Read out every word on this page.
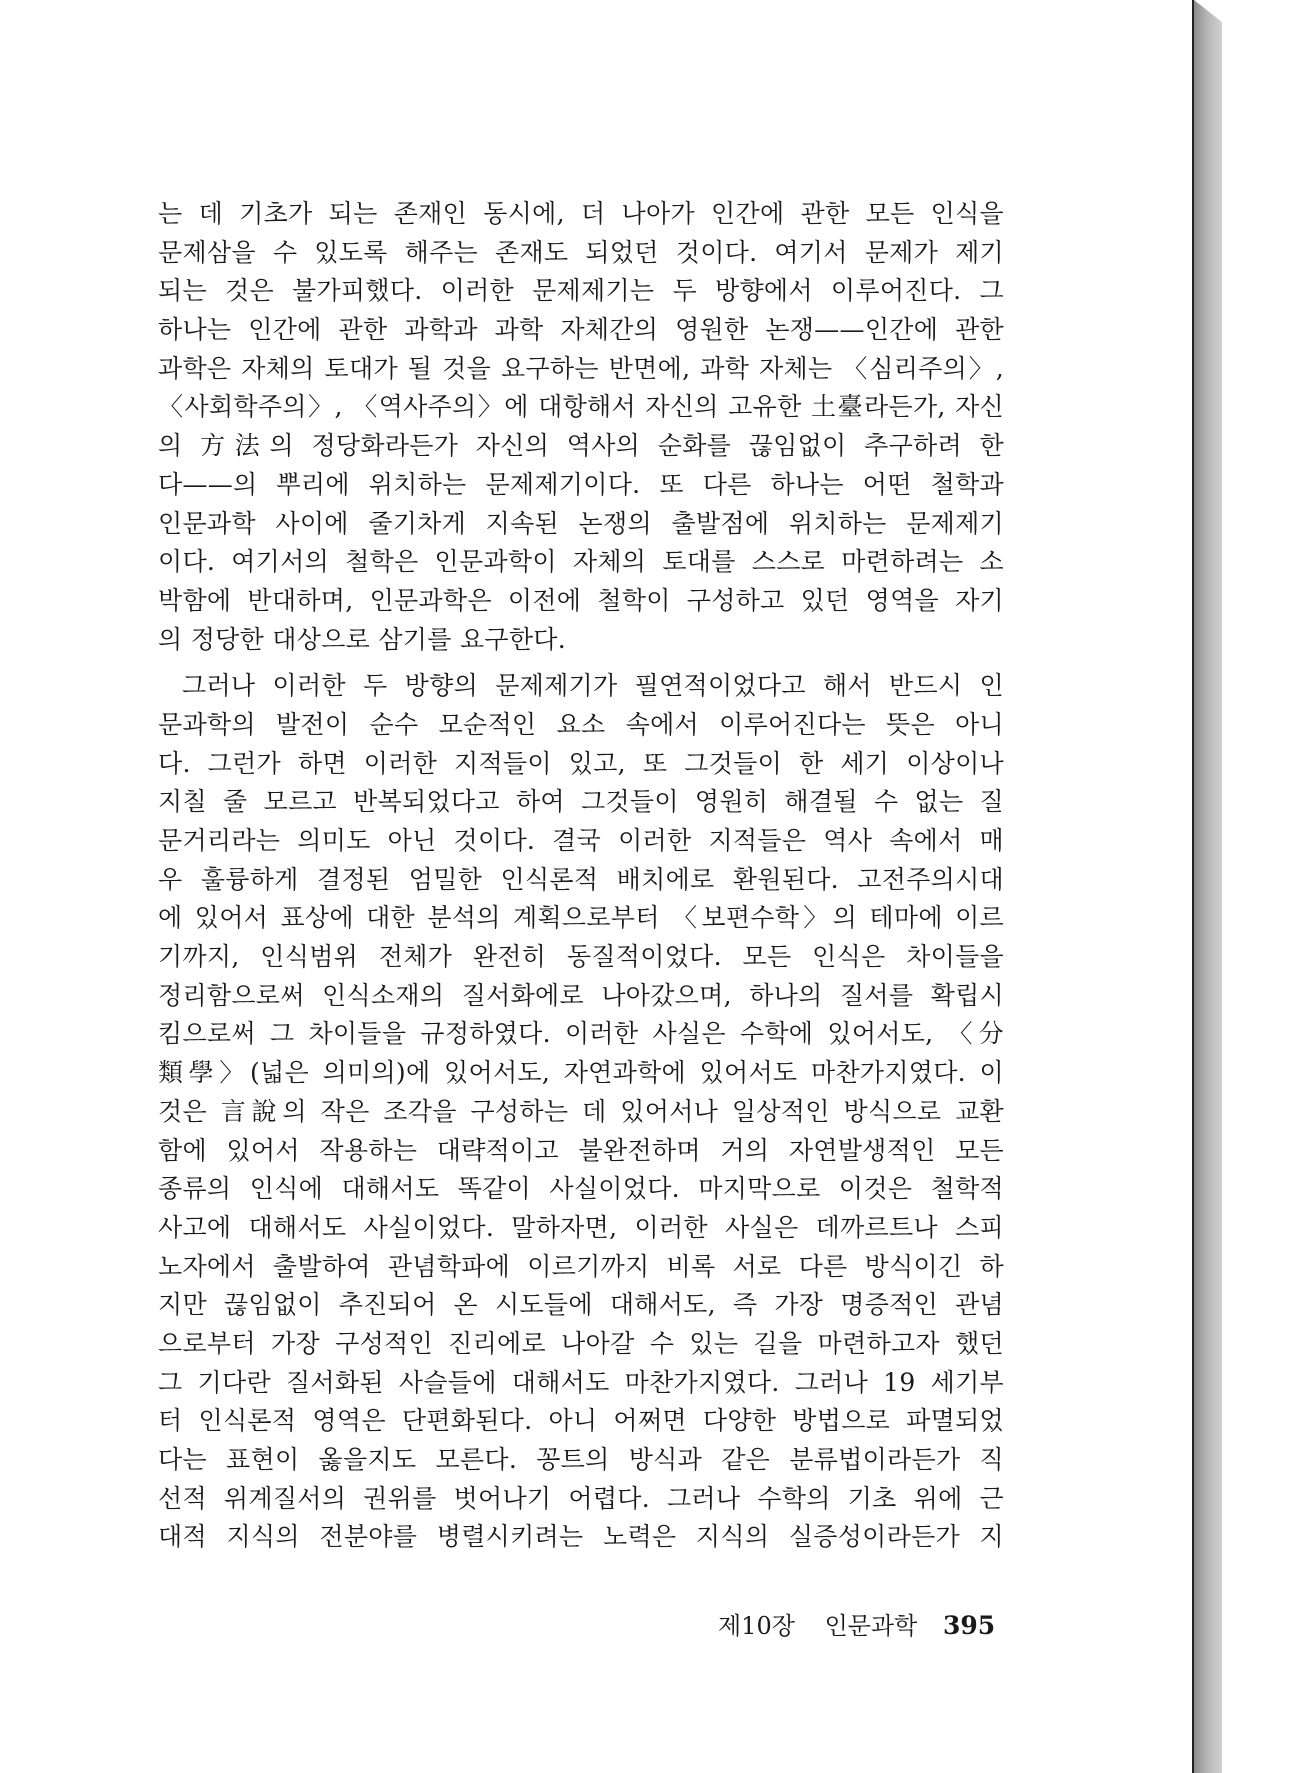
는 데 기초가 되는 존재인 동시에, 더 나아가 인간에 관한 모든 인식을
문제삼을 수 있도록 해주는 존재도 되었던 것이다. 여기서 문제가 제기
되는 것은 불가피했다. 이러한 문제제기는 두 방향에서 이루어진다. 그
하나는 인간에 관한 과학과 과학 자체간의 영원한 논쟁——인간에 관한
과학은 자체의 토대가 될 것을 요구하는 반면에, 과학 자체는 〈심리주의〉,
〈사회학주의〉, 〈역사주의〉에 대항해서 자신의 고유한 土臺라든가, 자신
의 方法의 정당화라든가 자신의 역사의 순화를 끊임없이 추구하려 한
다——의 뿌리에 위치하는 문제제기이다. 또 다른 하나는 어떤 철학과
인문과학 사이에 줄기차게 지속된 논쟁의 출발점에 위치하는 문제제기
이다. 여기서의 철학은 인문과학이 자체의 토대를 스스로 마련하려는 소
박함에 반대하며, 인문과학은 이전에 철학이 구성하고 있던 영역을 자기
의 정당한 대상으로 삼기를 요구한다.
그러나 이러한 두 방향의 문제제기가 필연적이었다고 해서 반드시 인
문과학의 발전이 순수 모순적인 요소 속에서 이루어진다는 뜻은 아니
다. 그런가 하면 이러한 지적들이 있고, 또 그것들이 한 세기 이상이나
지칠 줄 모르고 반복되었다고 하여 그것들이 영원히 해결될 수 없는 질
문거리라는 의미도 아닌 것이다. 결국 이러한 지적들은 역사 속에서 매
우 훌륭하게 결정된 엄밀한 인식론적 배치에로 환원된다. 고전주의시대
에 있어서 표상에 대한 분석의 계획으로부터 〈보편수학〉의 테마에 이르
기까지, 인식범위 전체가 완전히 동질적이었다. 모든 인식은 차이들을
정리함으로써 인식소재의 질서화에로 나아갔으며, 하나의 질서를 확립시
킴으로써 그 차이들을 규정하였다. 이러한 사실은 수학에 있어서도, 〈分
類學〉(넓은 의미의)에 있어서도, 자연과학에 있어서도 마찬가지였다. 이
것은 言說의 작은 조각을 구성하는 데 있어서나 일상적인 방식으로 교환
함에 있어서 작용하는 대략적이고 불완전하며 거의 자연발생적인 모든
종류의 인식에 대해서도 똑같이 사실이었다. 마지막으로 이것은 철학적
사고에 대해서도 사실이었다. 말하자면, 이러한 사실은 데까르트나 스피
노자에서 출발하여 관념학파에 이르기까지 비록 서로 다른 방식이긴 하
지만 끊임없이 추진되어 온 시도들에 대해서도, 즉 가장 명증적인 관념
으로부터 가장 구성적인 진리에로 나아갈 수 있는 길을 마련하고자 했던
그 기다란 질서화된 사슬들에 대해서도 마찬가지였다. 그러나 19 세기부
터 인식론적 영역은 단편화된다. 아니 어쩌면 다양한 방법으로 파멸되었
다는 표현이 옳을지도 모른다. 꽁트의 방식과 같은 분류법이라든가 직
선적 위계질서의 권위를 벗어나기 어렵다. 그러나 수학의 기초 위에 근
대적 지식의 전분야를 병렬시키려는 노력은 지식의 실증성이라든가 지
제10장 인문과학 395
